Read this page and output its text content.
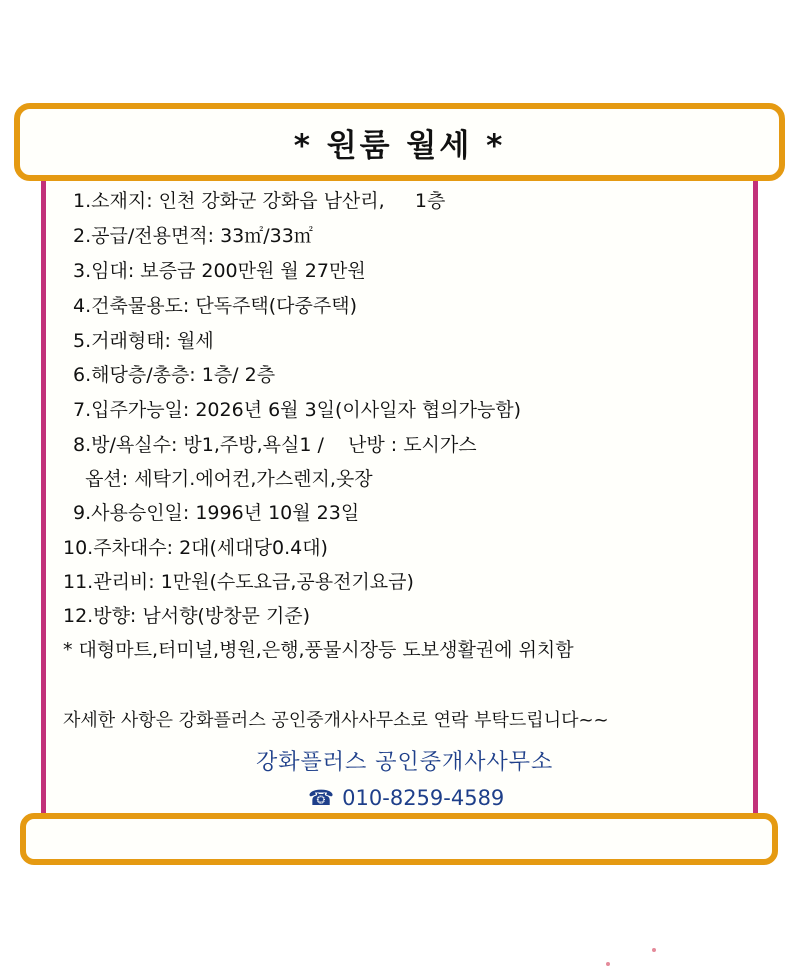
* 원룸 월세 *
1.소재지: 인천 강화군 강화읍 남산리,     1층
2.공급/전용면적: 33㎡/33㎡
3.임대: 보증금 200만원 월 27만원
4.건축물용도: 단독주택(다중주택)
5.거래형태: 월세
6.해당층/총층: 1층/ 2층
7.입주가능일: 2026년 6월 3일(이사일자 협의가능함)
8.방/욕실수: 방1,주방,욕실1 /    난방 : 도시가스
옵션: 세탁기.에어컨,가스렌지,옷장
9.사용승인일: 1996년 10월 23일
10.주차대수: 2대(세대당0.4대)
11.관리비: 1만원(수도요금,공용전기요금)
12.방향: 남서향(방창문 기준)
* 대형마트,터미널,병원,은행,풍물시장등 도보생활권에 위치함
자세한 사항은 강화플러스 공인중개사사무소로 연락 부탁드립니다~~
강화플러스 공인중개사사무소
☎ 010-8259-4589
